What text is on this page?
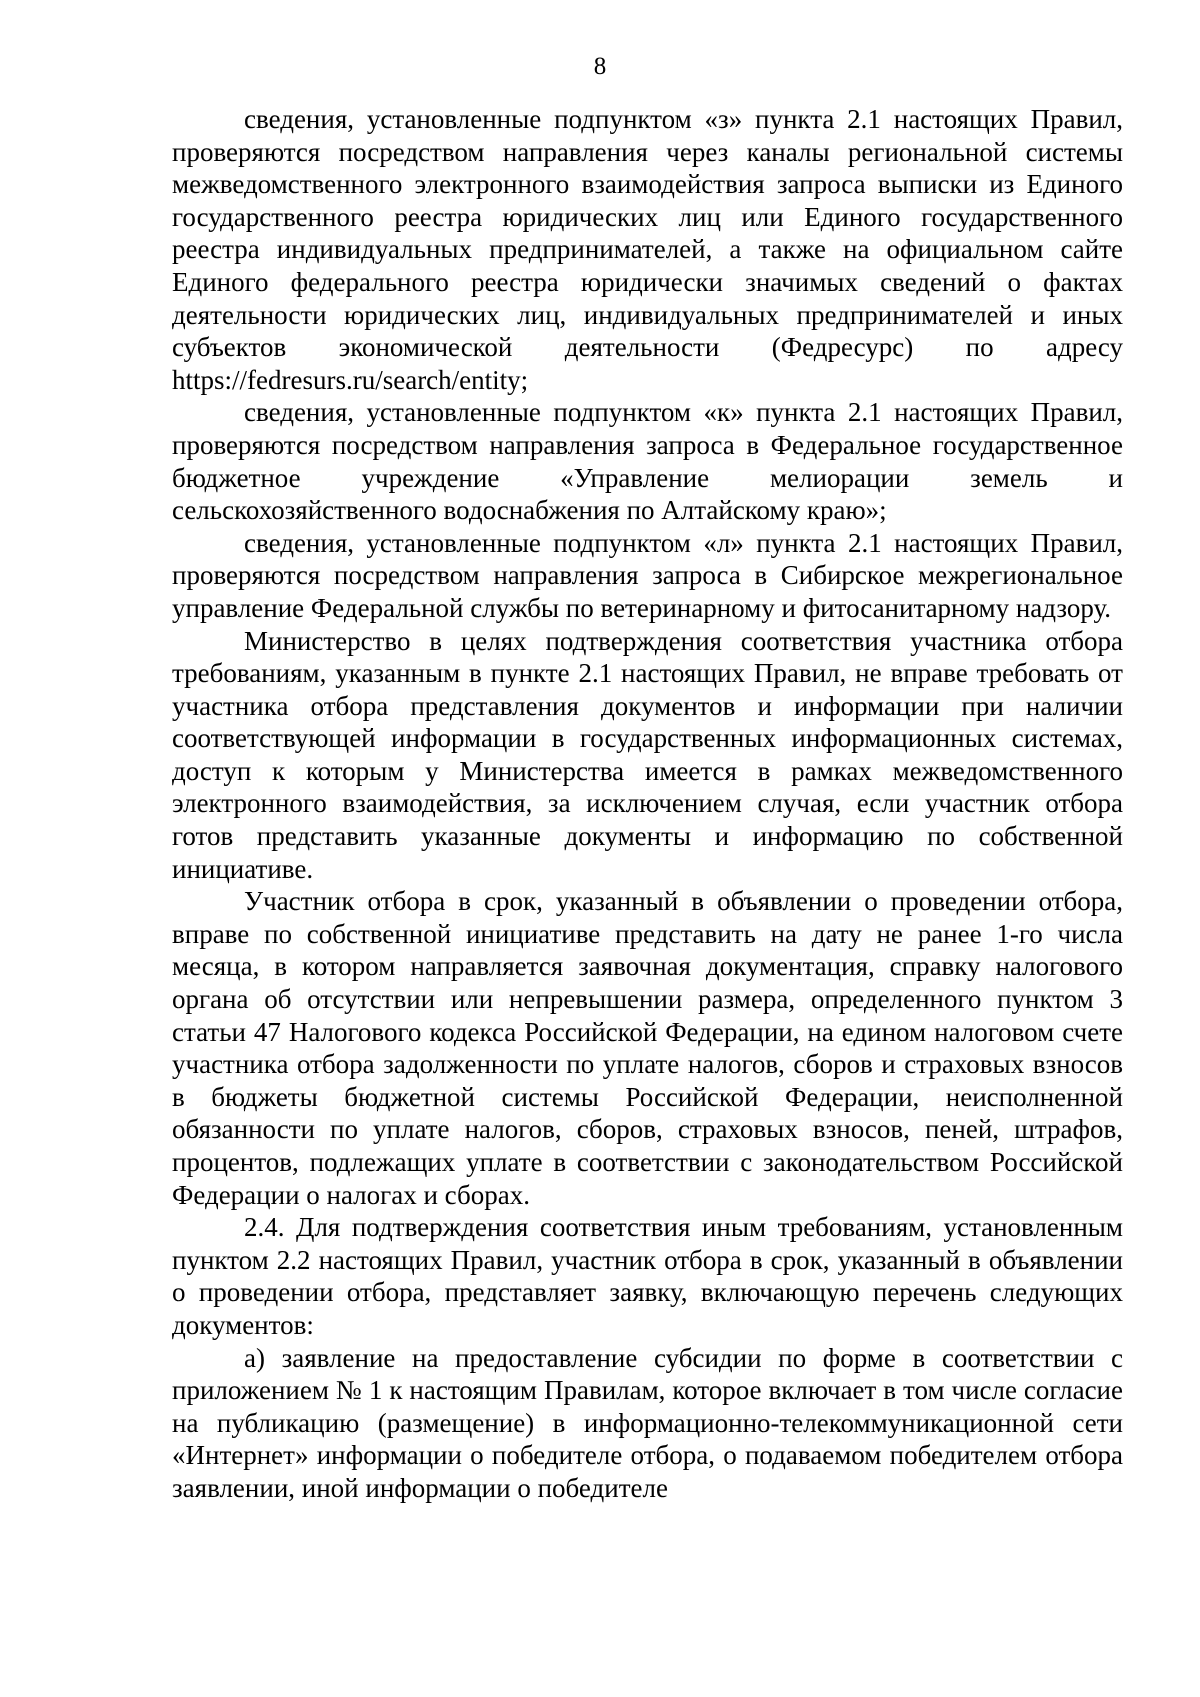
8

сведения, установленные подпунктом «з» пункта 2.1 настоящих Правил, проверяются посредством направления через каналы региональной системы межведомственного электронного взаимодействия запроса выписки из Единого государственного реестра юридических лиц или Единого государственного реестра индивидуальных предпринимателей, а также на официальном сайте Единого федерального реестра юридически значимых сведений о фактах деятельности юридических лиц, индивидуальных предпринимателей и иных субъектов экономической деятельности (Федресурс) по адресу https://fedresurs.ru/search/entity;

сведения, установленные подпунктом «к» пункта 2.1 настоящих Правил, проверяются посредством направления запроса в Федеральное государственное бюджетное учреждение «Управление мелиорации земель и сельскохозяйственного водоснабжения по Алтайскому краю»;

сведения, установленные подпунктом «л» пункта 2.1 настоящих Правил, проверяются посредством направления запроса в Сибирское межрегиональное управление Федеральной службы по ветеринарному и фитосанитарному надзору.

Министерство в целях подтверждения соответствия участника отбора требованиям, указанным в пункте 2.1 настоящих Правил, не вправе требовать от участника отбора представления документов и информации при наличии соответствующей информации в государственных информационных системах, доступ к которым у Министерства имеется в рамках межведомственного электронного взаимодействия, за исключением случая, если участник отбора готов представить указанные документы и информацию по собственной инициативе.

Участник отбора в срок, указанный в объявлении о проведении отбора, вправе по собственной инициативе представить на дату не ранее 1-го числа месяца, в котором направляется заявочная документация, справку налогового органа об отсутствии или непревышении размера, определенного пунктом 3 статьи 47 Налогового кодекса Российской Федерации, на едином налоговом счете участника отбора задолженности по уплате налогов, сборов и страховых взносов в бюджеты бюджетной системы Российской Федерации, неисполненной обязанности по уплате налогов, сборов, страховых взносов, пеней, штрафов, процентов, подлежащих уплате в соответствии с законодательством Российской Федерации о налогах и сборах.

2.4. Для подтверждения соответствия иным требованиям, установленным пунктом 2.2 настоящих Правил, участник отбора в срок, указанный в объявлении о проведении отбора, представляет заявку, включающую перечень следующих документов:

а) заявление на предоставление субсидии по форме в соответствии с приложением № 1 к настоящим Правилам, которое включает в том числе согласие на публикацию (размещение) в информационно-телекоммуникационной сети «Интернет» информации о победителе отбора, о подаваемом победителем отбора заявлении, иной информации о победителе
